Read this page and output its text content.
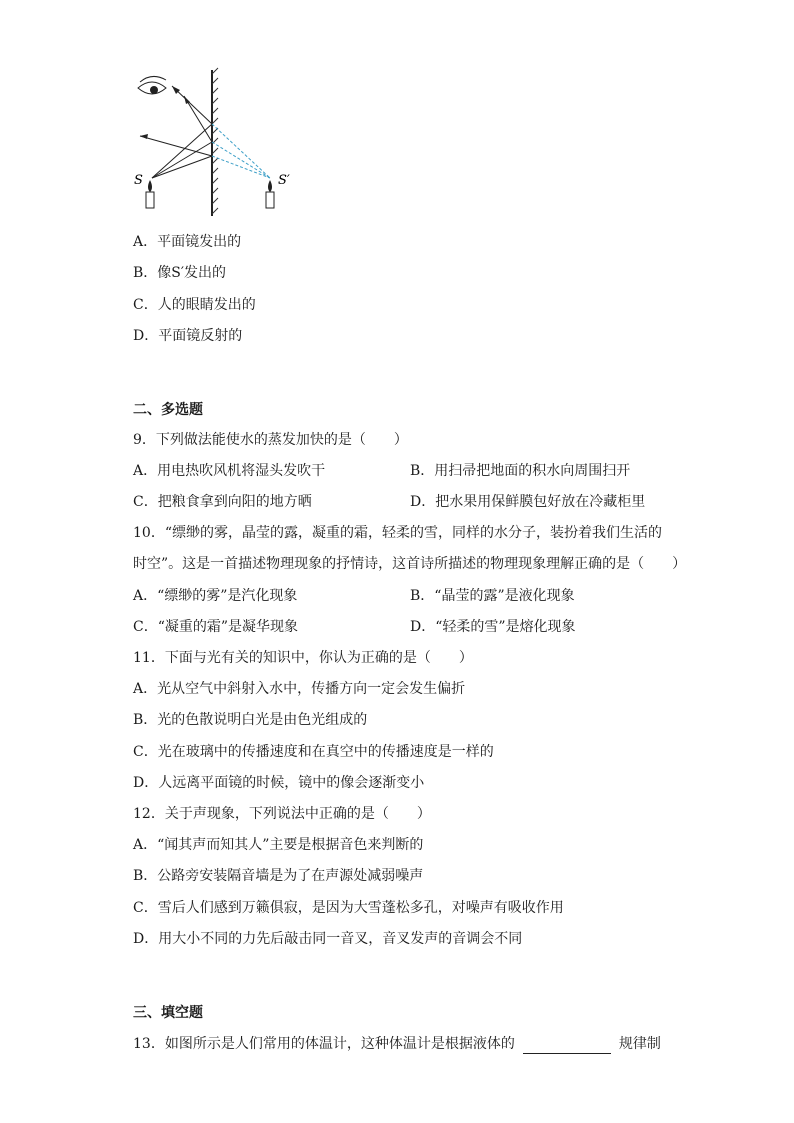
S	S′
A．平面镜发出的
B．像S′发出的
C．人的眼睛发出的
D．平面镜反射的
二、多选题
9．下列做法能使水的蒸发加快的是（　　）
A．用电热吹风机将湿头发吹干	B．用扫帚把地面的积水向周围扫开
C．把粮食拿到向阳的地方晒	D．把水果用保鲜膜包好放在冷藏柜里
10．“缥缈的雾，晶莹的露，凝重的霜，轻柔的雪，同样的水分子，装扮着我们生活的
时空”。这是一首描述物理现象的抒情诗，这首诗所描述的物理现象理解正确的是（　　）
A．“缥缈的雾”是汽化现象	B．“晶莹的露”是液化现象
C．“凝重的霜”是凝华现象	D．“轻柔的雪”是熔化现象
11．下面与光有关的知识中，你认为正确的是（　　）
A．光从空气中斜射入水中，传播方向一定会发生偏折
B．光的色散说明白光是由色光组成的
C．光在玻璃中的传播速度和在真空中的传播速度是一样的
D．人远离平面镜的时候，镜中的像会逐渐变小
12．关于声现象，下列说法中正确的是（　　）
A．“闻其声而知其人”主要是根据音色来判断的
B．公路旁安装隔音墙是为了在声源处减弱噪声
C．雪后人们感到万籁俱寂，是因为大雪蓬松多孔，对噪声有吸收作用
D．用大小不同的力先后敲击同一音叉，音叉发声的音调会不同
三、填空题
13．如图所示是人们常用的体温计，这种体温计是根据液体的	规律制
